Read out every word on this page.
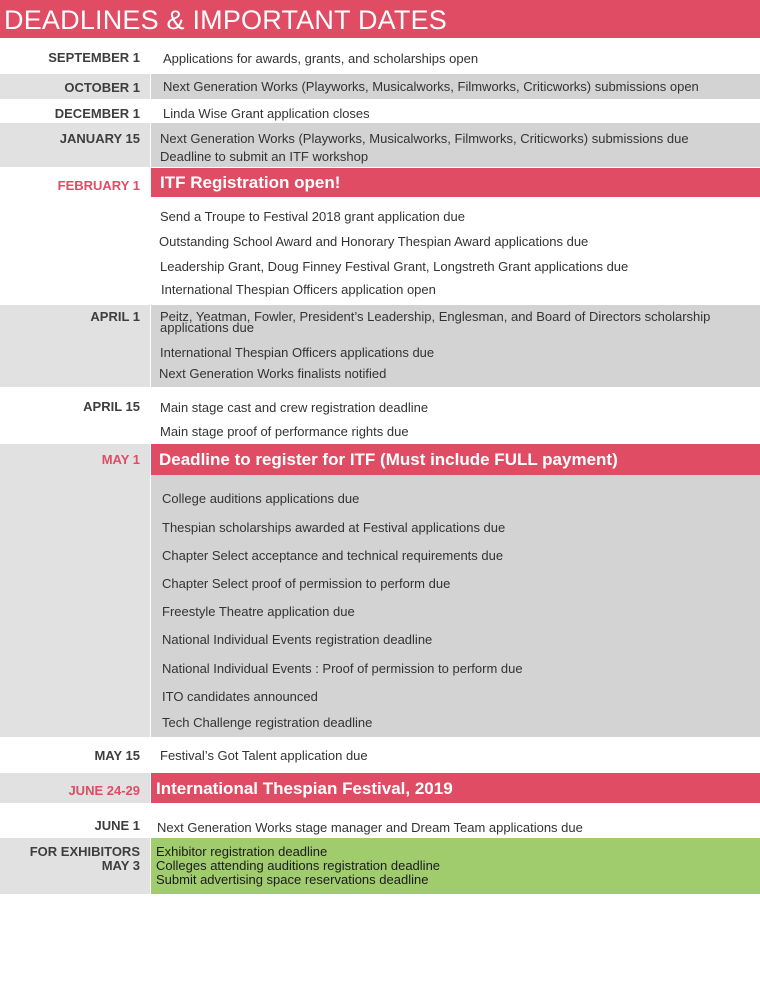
DEADLINES & IMPORTANT DATES
SEPTEMBER 1 Applications for awards, grants, and scholarships open
OCTOBER 1 Next Generation Works (Playworks, Musicalworks, Filmworks, Criticworks) submissions open
DECEMBER 1 Linda Wise Grant application closes
JANUARY 15 Next Generation Works (Playworks, Musicalworks, Filmworks, Criticworks) submissions due
Deadline to submit an ITF workshop
FEBRUARY 1	ITF Registration open!
Send a Troupe to Festival 2018 grant application due
Outstanding School Award and Honorary Thespian Award applications due
Leadership Grant, Doug Finney Festival Grant, Longstreth Grant applications due
International Thespian Officers application open
APRIL 1 Peitz, Yeatman, Fowler, President’s Leadership, Englesman, and Board of Directors scholarship applications due
International Thespian Officers applications due
Next Generation Works finalists notified
APRIL 15 Main stage cast and crew registration deadline
Main stage proof of performance rights due
MAY 1	Deadline to register for ITF (Must include FULL payment)
College auditions applications due
Thespian scholarships awarded at Festival applications due
Chapter Select acceptance and technical requirements due
Chapter Select proof of permission to perform due
Freestyle Theatre application due
National Individual Events registration deadline
National Individual Events : Proof of permission to perform due
ITO candidates announced
Tech Challenge registration deadline
MAY 15 Festival’s Got Talent application due
JUNE 24-29 International Thespian Festival, 2019
JUNE 1 Next Generation Works stage manager and Dream Team applications due
FOR EXHIBITORS
MAY 3
Exhibitor registration deadline
Colleges attending auditions registration deadline
Submit advertising space reservations deadline
